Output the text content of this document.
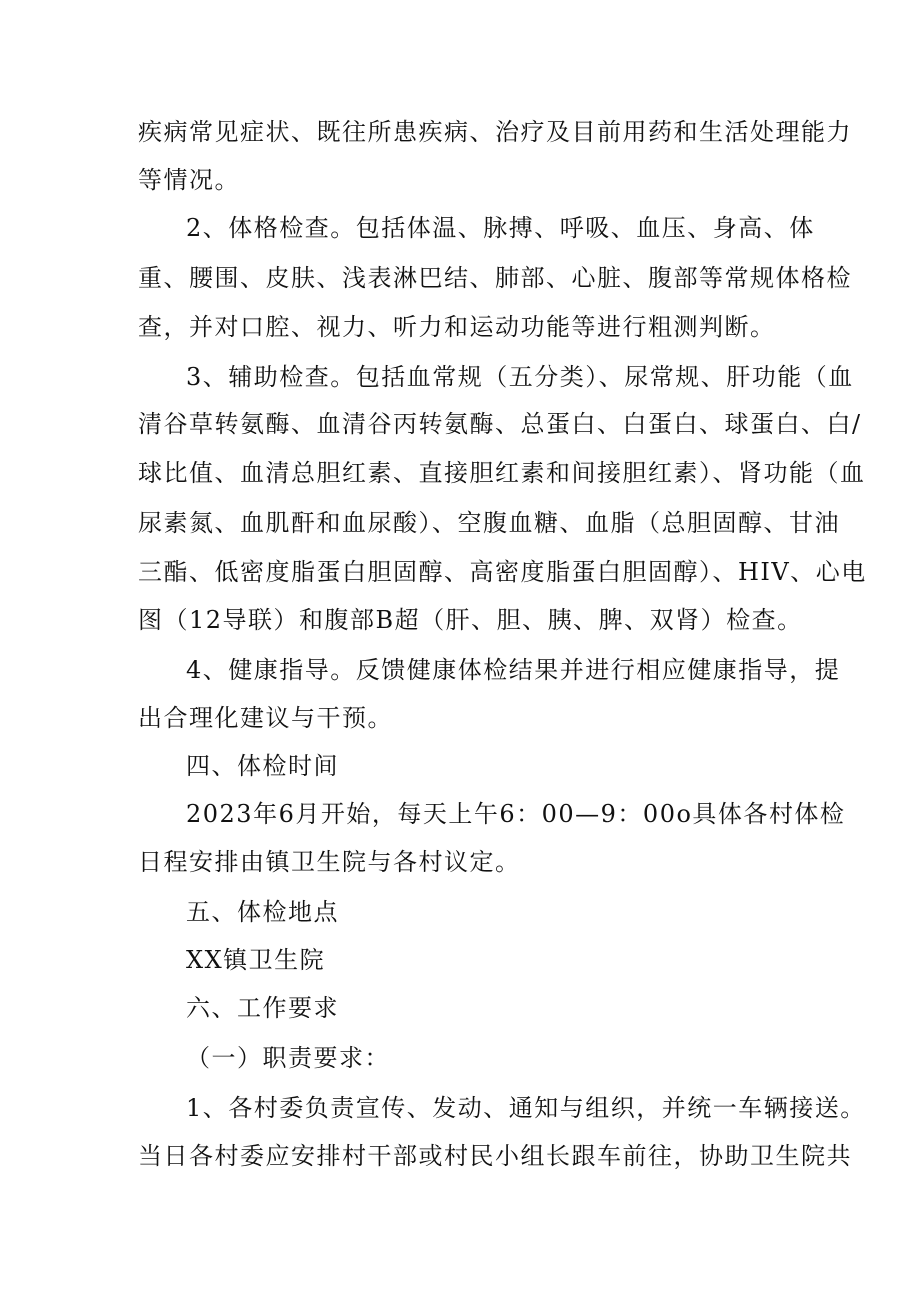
疾病常见症状、既往所患疾病、治疗及目前用药和生活处理能力
等情况。
2、体格检查。包括体温、脉搏、呼吸、血压、身高、体
重、腰围、皮肤、浅表淋巴结、肺部、心脏、腹部等常规体格检
查，并对口腔、视力、听力和运动功能等进行粗测判断。
3、辅助检查。包括血常规（五分类）、尿常规、肝功能（血
清谷草转氨酶、血清谷丙转氨酶、总蛋白、白蛋白、球蛋白、白/
球比值、血清总胆红素、直接胆红素和间接胆红素）、肾功能（血
尿素氮、血肌酐和血尿酸）、空腹血糖、血脂（总胆固醇、甘油
三酯、低密度脂蛋白胆固醇、高密度脂蛋白胆固醇）、HIV、心电
图（12导联）和腹部B超（肝、胆、胰、脾、双肾）检查。
4、健康指导。反馈健康体检结果并进行相应健康指导，提
出合理化建议与干预。
四、体检时间
2023年6月开始，每天上午6：00—9：00o具体各村体检
日程安排由镇卫生院与各村议定。
五、体检地点
XX镇卫生院
六、工作要求
（一）职责要求：
1、各村委负责宣传、发动、通知与组织，并统一车辆接送。
当日各村委应安排村干部或村民小组长跟车前往，协助卫生院共
